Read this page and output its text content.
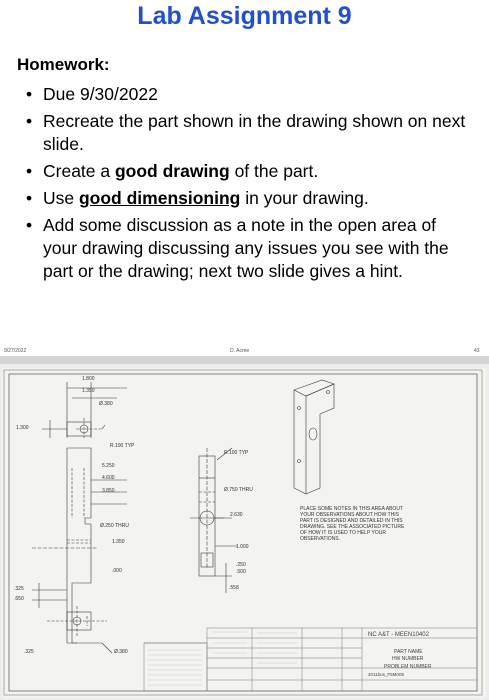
Lab Assignment 9
Homework:
• Due 9/30/2022
• Recreate the part shown in the drawing shown on next slide.
• Create a good drawing of the part.
• Use good dimensioning in your drawing.
• Add some discussion as a note in the open area of your drawing discussing any issues you see with the part or the drawing; next two slide gives a hint.
9/27/2022	D. Acree	43
1.800
1.350
Ø.380
1.300
R.100 TYP
R.100 TYP
5.250
4.600
3.850	Ø.750 THRU
2.630
Ø.250 THRU
1.350
1.000
.000
.250
.500
.558
.325
.650
.325	Ø.380
PLACE SOME NOTES IN THIS AREA ABOUT
YOUR OBSERVATIONS ABOUT HOW THIS
PART IS DESIGNED AND DETAILED IN THIS
DRAWING. SEE THE ASSOCIATED PICTURE
OF HOW IT IS USED TO HELP YOUR
OBSERVATIONS.
NC A&T - MEEN10402
PART NAME
HW NUMBER
PROBLEM NUMBER
2011bus_F5M005
